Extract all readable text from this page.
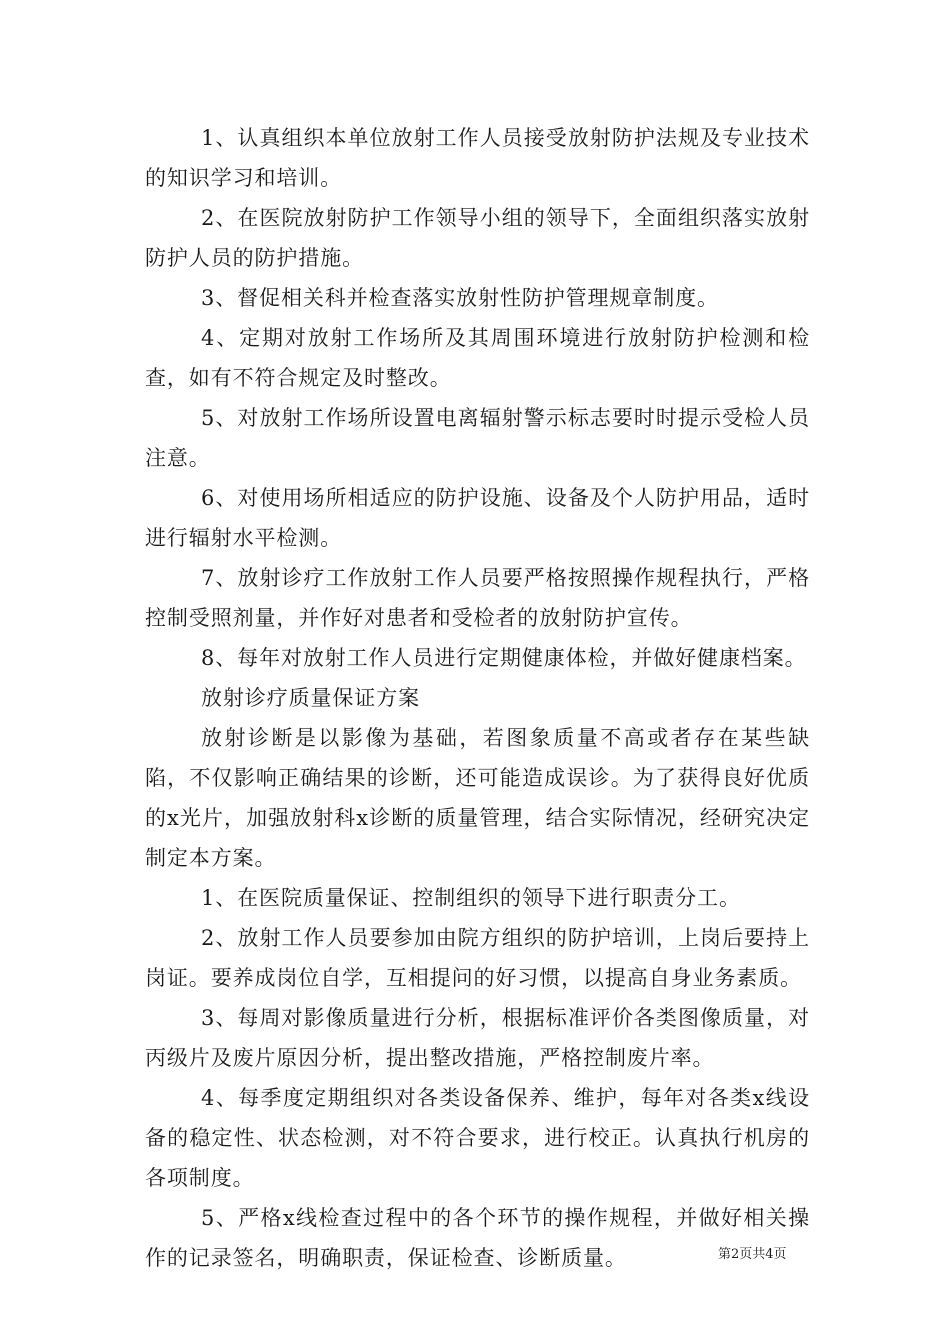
1、认真组织本单位放射工作人员接受放射防护法规及专业技术的知识学习和培训。

2、在医院放射防护工作领导小组的领导下，全面组织落实放射防护人员的防护措施。

3、督促相关科并检查落实放射性防护管理规章制度。

4、定期对放射工作场所及其周围环境进行放射防护检测和检查，如有不符合规定及时整改。

5、对放射工作场所设置电离辐射警示标志要时时提示受检人员注意。

6、对使用场所相适应的防护设施、设备及个人防护用品，适时进行辐射水平检测。

7、放射诊疗工作放射工作人员要严格按照操作规程执行，严格控制受照剂量，并作好对患者和受检者的放射防护宣传。

8、每年对放射工作人员进行定期健康体检，并做好健康档案。

放射诊疗质量保证方案

放射诊断是以影像为基础，若图象质量不高或者存在某些缺陷，不仅影响正确结果的诊断，还可能造成误诊。为了获得良好优质的x光片，加强放射科x诊断的质量管理，结合实际情况，经研究决定制定本方案。

1、在医院质量保证、控制组织的领导下进行职责分工。

2、放射工作人员要参加由院方组织的防护培训，上岗后要持上岗证。要养成岗位自学，互相提问的好习惯，以提高自身业务素质。

3、每周对影像质量进行分析，根据标准评价各类图像质量，对丙级片及废片原因分析，提出整改措施，严格控制废片率。

4、每季度定期组织对各类设备保养、维护，每年对各类x线设备的稳定性、状态检测，对不符合要求，进行校正。认真执行机房的各项制度。

5、严格x线检查过程中的各个环节的操作规程，并做好相关操作的记录签名，明确职责，保证检查、诊断质量。	第2页共4页
